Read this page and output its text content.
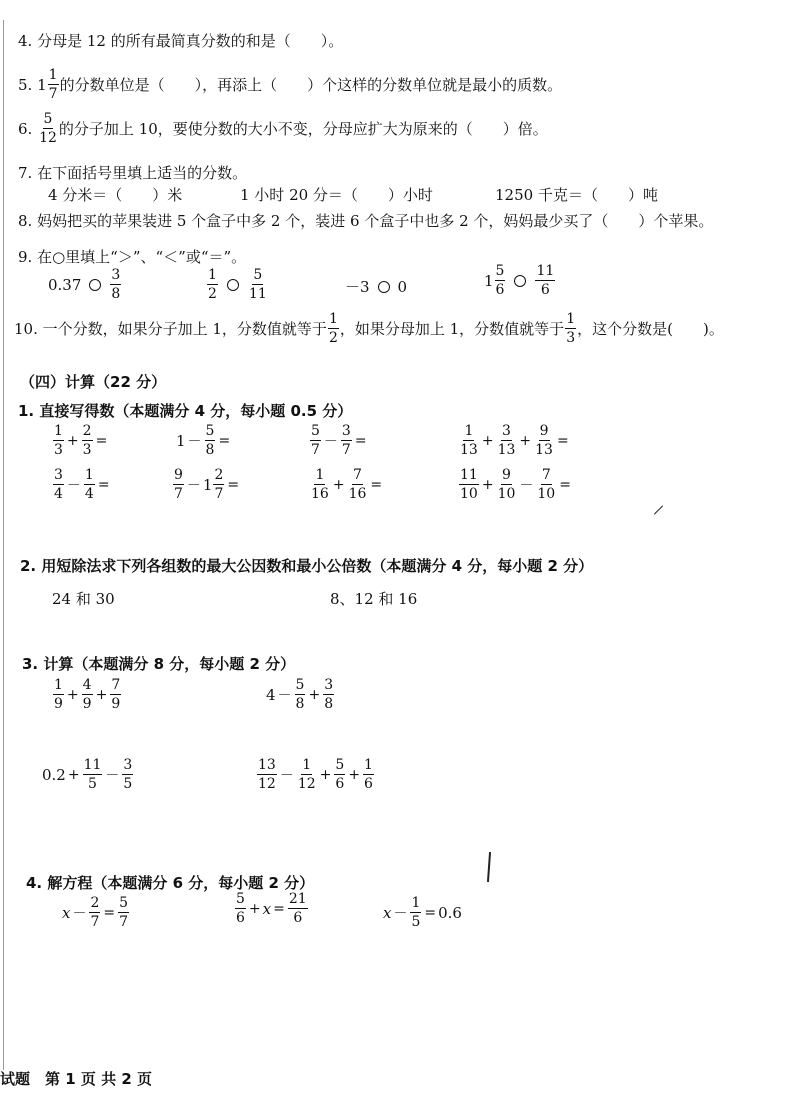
4. 分母是 12 的所有最简真分数的和是（　　）。
5.
$1 \frac{1}{7}$ 的分数单位是（　　），再添上（　　）个这样的分数单位就是最小的质数。
6.
$\frac{5}{12}$ 的分子加上 10，要使分数的大小不变，分母应扩大为原来的（　　）倍。
7. 在下面括号里填上适当的分数。
4 分米＝（　　）米	1 小时 20 分＝（　　）小时	1250 千克＝（　　）吨
8. 妈妈把买的苹果装进 5 个盒子中多 2 个，装进 6 个盒子中也多 2 个，妈妈最少买了（　　）个苹果。
9. 在○里填上“＞”、“＜”或“＝”。
$0.37 \frac{3}{8}$	$\frac{1}{2} \frac{5}{11}$	－3 0	$1 \frac{5}{6} \frac{11}{6}$
10. 一个分数，如果分子加上 1，分数值就等于 $\frac{1}{2}$ ，如果分母加上 1，分数值就等于 $\frac{1}{3}$ ，这个分数是(　　)。
（四）计算（22 分）
1. 直接写得数（本题满分 4 分，每小题 0.5 分）
$\frac{1}{3} + \frac{2}{3}$ =	$1 - \frac{5}{8}$ =	$\frac{5}{7} - \frac{3}{7}$ =	$\frac{1}{13} + \frac{3}{13} + \frac{9}{13}$ =
$\frac{3}{4} - \frac{1}{4}$ =	$\frac{9}{7} - 1 \frac{2}{7}$ =	$\frac{1}{16} + \frac{7}{16}$ =	$\frac{11}{10} + \frac{9}{10} - \frac{7}{10}$ =
2. 用短除法求下列各组数的最大公因数和最小公倍数（本题满分 4 分，每小题 2 分）
24 和 30	8、12 和 16
3. 计算（本题满分 8 分，每小题 2 分）
$\frac{1}{9} + \frac{4}{9} + \frac{7}{9}$	$4 - \frac{5}{8} + \frac{3}{8}$
$0.2 + \frac{11}{5} - \frac{3}{5}$	$\frac{13}{12} - \frac{1}{12} + \frac{5}{6} + \frac{1}{6}$
4. 解方程（本题满分 6 分，每小题 2 分）
$x - \frac{2}{7} = \frac{5}{7}$	$\frac{5}{6} + x = \frac{21}{6}$	$x - \frac{1}{5} = 0.6$
试题　第 1 页 共 2 页
